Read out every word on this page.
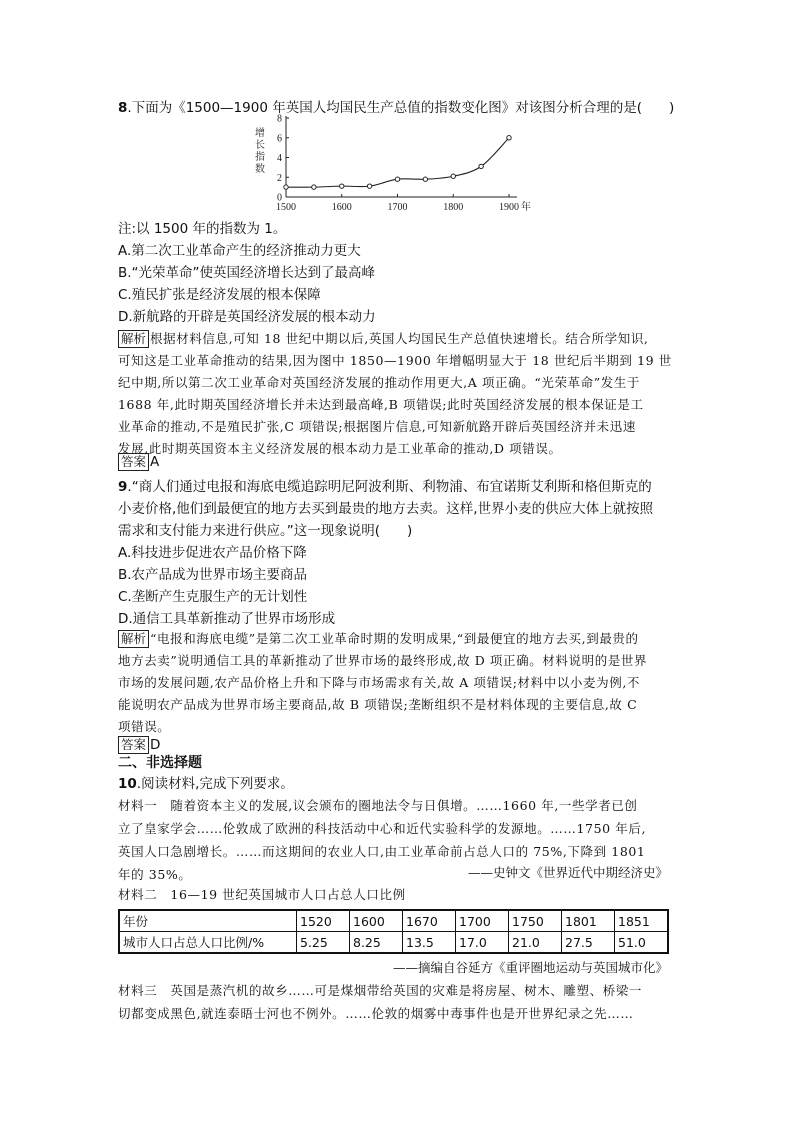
8.下面为《1500—1900 年英国人均国民生产总值的指数变化图》对该图分析合理的是(　　)
0
2
4
6
8
1500	1600	1700	1800	1900 年
增
长
指
数
注:以 1500 年的指数为 1。
A.第二次工业革命产生的经济推动力更大
B.“光荣革命”使英国经济增长达到了最高峰
C.殖民扩张是经济发展的根本保障
D.新航路的开辟是英国经济发展的根本动力
解析 根据材料信息,可知 18 世纪中期以后,英国人均国民生产总值快速增长。结合所学知识,
可知这是工业革命推动的结果,因为图中 1850—1900 年增幅明显大于 18 世纪后半期到 19 世
纪中期,所以第二次工业革命对英国经济发展的推动作用更大,A 项正确。“光荣革命”发生于
1688 年,此时期英国经济增长并未达到最高峰,B 项错误;此时英国经济发展的根本保证是工
业革命的推动,不是殖民扩张,C 项错误;根据图片信息,可知新航路开辟后英国经济并未迅速
发展,此时期英国资本主义经济发展的根本动力是工业革命的推动,D 项错误。
答案 A
9.“商人们通过电报和海底电缆追踪明尼阿波利斯、利物浦、布宜诺斯艾利斯和格但斯克的
小麦价格,他们到最便宜的地方去买到最贵的地方去卖。这样,世界小麦的供应大体上就按照
需求和支付能力来进行供应。”这一现象说明(　　)
A.科技进步促进农产品价格下降
B.农产品成为世界市场主要商品
C.垄断产生克服生产的无计划性
D.通信工具革新推动了世界市场形成
解析 “电报和海底电缆”是第二次工业革命时期的发明成果,“到最便宜的地方去买,到最贵的
地方去卖”说明通信工具的革新推动了世界市场的最终形成,故 D 项正确。材料说明的是世界
市场的发展问题,农产品价格上升和下降与市场需求有关,故 A 项错误;材料中以小麦为例,不
能说明农产品成为世界市场主要商品,故 B 项错误;垄断组织不是材料体现的主要信息,故 C
项错误。
答案 D
二、非选择题
10.阅读材料,完成下列要求。
材料一　随着资本主义的发展,议会颁布的圈地法令与日俱增。……1660 年,一些学者已创
立了皇家学会……伦敦成了欧洲的科技活动中心和近代实验科学的发源地。……1750 年后,
英国人口急剧增长。……而这期间的农业人口,由工业革命前占总人口的 75%,下降到 1801
年的 35%。	——史钟文《世界近代中期经济史》
材料二　16—19 世纪英国城市人口占总人口比例
年份	1520	1600	1670	1700	1750	1801	1851
城市人口占总人口比例/%	5.25	8.25	13.5	17.0	21.0	27.5	51.0
——摘编自谷延方《重评圈地运动与英国城市化》
材料三　英国是蒸汽机的故乡……可是煤烟带给英国的灾难是将房屋、树木、雕塑、桥梁一
切都变成黑色,就连泰晤士河也不例外。……伦敦的烟雾中毒事件也是开世界纪录之先……
